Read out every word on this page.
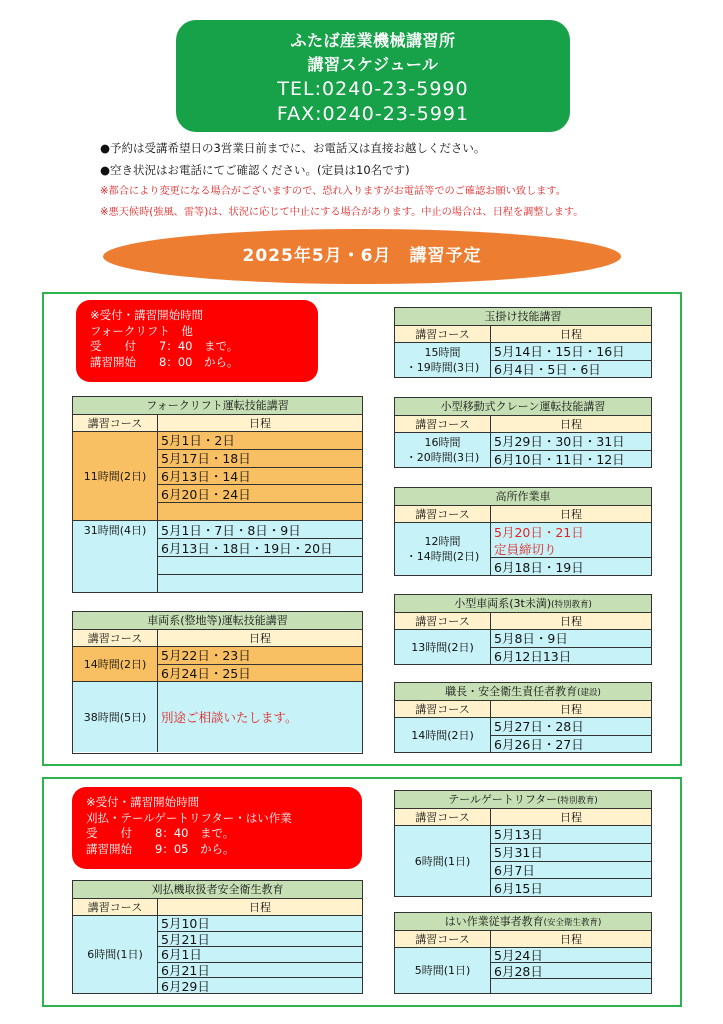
ふたば産業機械講習所
講習スケジュール
TEL:0240-23-5990
FAX:0240-23-5991
●予約は受講希望日の3営業日前までに、お電話又は直接お越しください。
●空き状況はお電話にてご確認ください。(定員は10名です)
※都合により変更になる場合がございますので、恐れ入りますがお電話等でのご確認お願い致します。
※悪天候時(強風、雷等)は、状況に応じて中止にする場合があります。中止の場合は、日程を調整します。
2025年5月・6月　講習予定
※受付・講習開始時間
フォークリフト　他
受　　付　　7：40　まで。
講習開始　　8：00　から。
※受付・講習開始時間
刈払・テールゲートリフター・はい作業
受　　付　　8：40　まで。
講習開始　　9：05　から。
フォークリフト運転技能講習
講習コース	日程
11時間(2日)
5月1日・2日
5月17日・18日
6月13日・14日
6月20日・24日
31時間(4日)	5月1日・7日・8日・9日
6月13日・18日・19日・20日
車両系(整地等)運転技能講習
講習コース	日程
14時間(2日)
5月22日・23日
6月24日・25日
38時間(5日)	別途ご相談いたします。
玉掛け技能講習
講習コース	日程
15時間
・19時間(3日)
5月14日・15日・16日
6月4日・5日・6日
小型移動式クレーン運転技能講習
講習コース	日程
16時間
・20時間(3日)
5月29日・30日・31日
6月10日・11日・12日
高所作業車
講習コース	日程
12時間
・14時間(2日)
5月20日・21日
定員締切り
6月18日・19日
小型車両系(3t未満)(特別教育)
講習コース	日程
13時間(2日)
5月8日・9日
6月12日13日
職長・安全衛生責任者教育(建設)
講習コース	日程
14時間(2日)
5月27日・28日
6月26日・27日
刈払機取扱者安全衛生教育
講習コース	日程
6時間(1日)
5月10日
5月21日
6月1日
6月21日
6月29日
テールゲートリフター(特別教育)
講習コース	日程
6時間(1日)
5月13日
5月31日
6月7日
6月15日
はい作業従事者教育(安全衛生教育)
講習コース	日程
5時間(1日)
5月24日
6月28日
